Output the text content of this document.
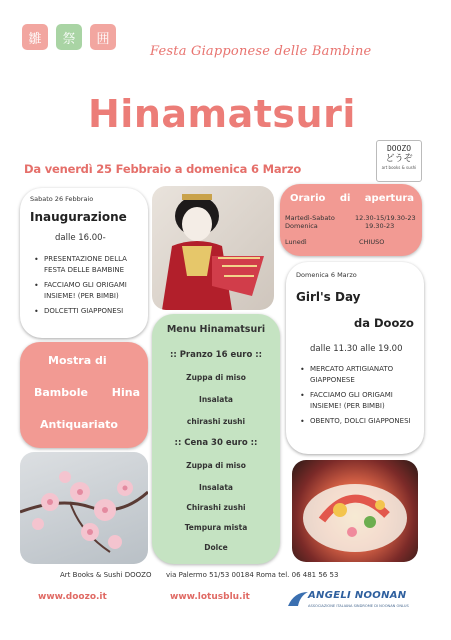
雛	祭	囲
Festa Giapponese delle Bambine
Hinamatsuri
DOOZO
どうぞ
art books & sushi
Da venerdì 25 Febbraio a domenica 6 Marzo
Sabato 26 Febbraio
Inaugurazione
dalle 16.00-
• PRESENTAZIONE DELLA FESTA DELLE BAMBINE
• FACCIAMO GLI ORIGAMI INSIEME! (PER BIMBI)
• DOLCETTI GIAPPONESI
Orario di apertura
Martedì-Sabato	12.30-15/19.30-23
Domenica	19.30-23
Lunedì	CHIUSO
Domenica 6 Marzo
Girl's Day
da Doozo
dalle 11.30 alle 19.00
• MERCATO ARTIGIANATO GIAPPONESE
• FACCIAMO GLI ORIGAMI INSIEME! (PER BIMBI)
• OBENTO, DOLCI GIAPPONESI
Mostra di
Bambole Hina
Antiquariato
Menu Hinamatsuri
:: Pranzo 16 euro ::
Zuppa di miso
Insalata
chirashi zushi
:: Cena 30 euro ::
Zuppa di miso
Insalata
Chirashi zushi
Tempura mista
Dolce
Art Books & Sushi DOOZO via Palermo 51/53 00184 Roma tel. 06 481 56 53
www.doozo.it	www.lotusblu.it	ANGELI NOONAN
ASSOCIAZIONE ITALIANA SINDROME DI NOONAN ONLUS
